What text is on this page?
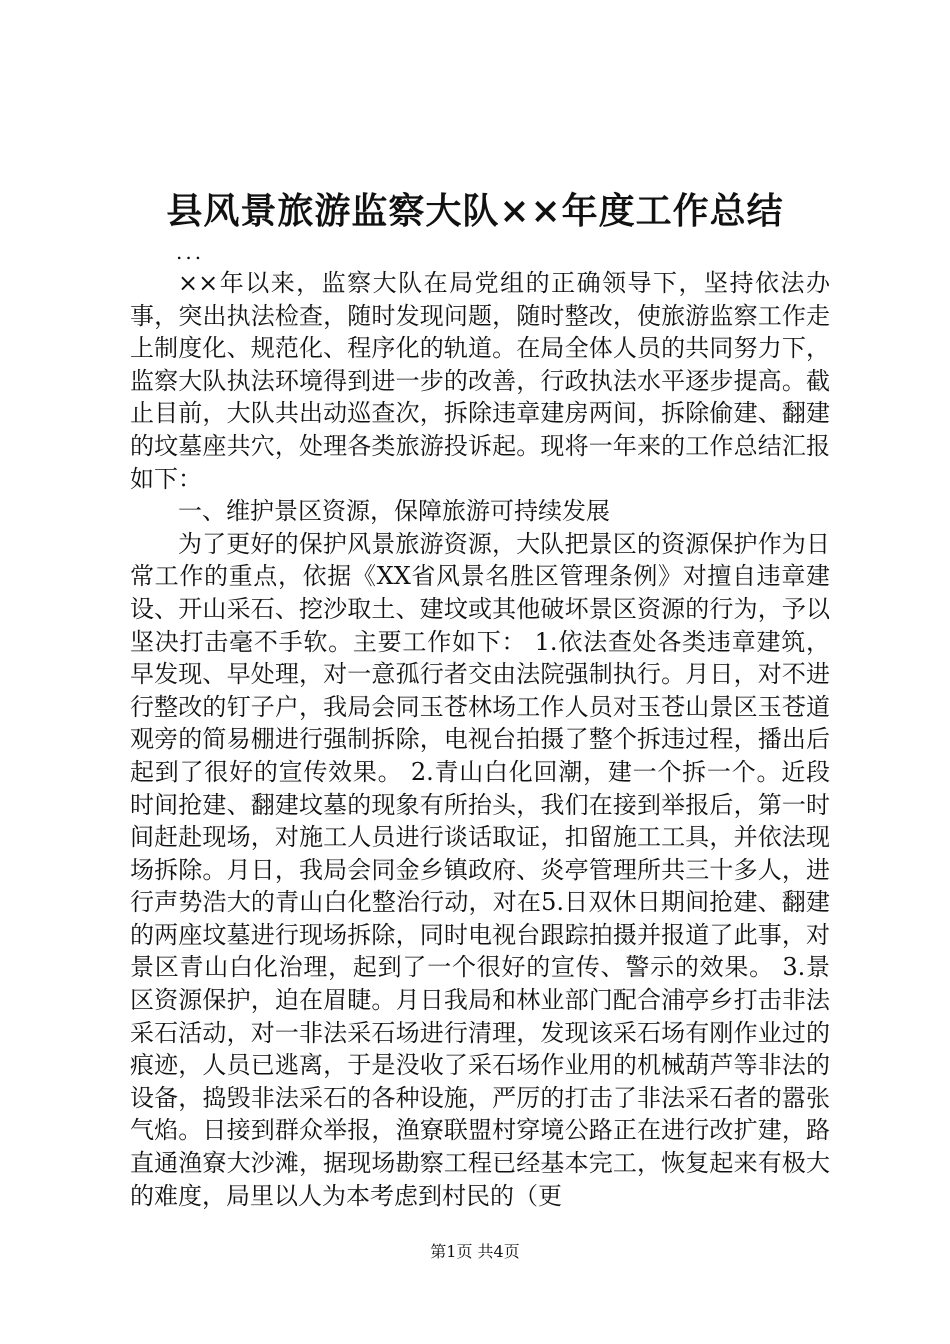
县风景旅游监察大队××年度工作总结
...

××年以来，监察大队在局党组的正确领导下，坚持依法办事，突出执法检查，随时发现问题，随时整改，使旅游监察工作走上制度化、规范化、程序化的轨道。在局全体人员的共同努力下，监察大队执法环境得到进一步的改善，行政执法水平逐步提高。截止目前，大队共出动巡查次，拆除违章建房两间，拆除偷建、翻建的坟墓座共穴，处理各类旅游投诉起。现将一年来的工作总结汇报如下：

一、维护景区资源，保障旅游可持续发展

为了更好的保护风景旅游资源，大队把景区的资源保护作为日常工作的重点，依据《XX省风景名胜区管理条例》对擅自违章建设、开山采石、挖沙取土、建坟或其他破坏景区资源的行为，予以坚决打击毫不手软。主要工作如下： 1.依法查处各类违章建筑，早发现、早处理，对一意孤行者交由法院强制执行。月日，对不进行整改的钉子户，我局会同玉苍林场工作人员对玉苍山景区玉苍道观旁的简易棚进行强制拆除，电视台拍摄了整个拆违过程，播出后起到了很好的宣传效果。 2.青山白化回潮，建一个拆一个。近段时间抢建、翻建坟墓的现象有所抬头，我们在接到举报后，第一时间赶赴现场，对施工人员进行谈话取证，扣留施工工具，并依法现场拆除。月日，我局会同金乡镇政府、炎亭管理所共三十多人，进行声势浩大的青山白化整治行动，对在5.日双休日期间抢建、翻建的两座坟墓进行现场拆除，同时电视台跟踪拍摄并报道了此事，对景区青山白化治理，起到了一个很好的宣传、警示的效果。 3.景区资源保护，迫在眉睫。月日我局和林业部门配合浦亭乡打击非法采石活动，对一非法采石场进行清理，发现该采石场有刚作业过的痕迹，人员已逃离，于是没收了采石场作业用的机械葫芦等非法的设备，捣毁非法采石的各种设施，严厉的打击了非法采石者的嚣张气焰。日接到群众举报，渔寮联盟村穿境公路正在进行改扩建，路直通渔寮大沙滩，据现场勘察工程已经基本完工，恢复起来有极大的难度，局里以人为本考虑到村民的（更

第1页 共4页
